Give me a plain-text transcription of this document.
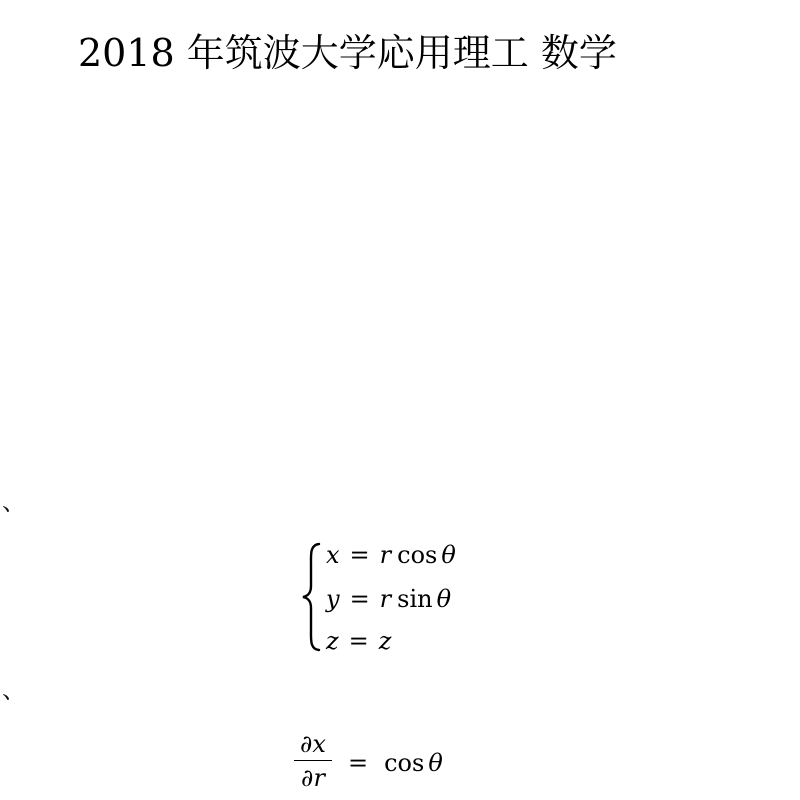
2018 年筑波大学応用理工 数学
、
x = r cos θ
y = r sin θ
z = z
、
∂x
∂r
= cos θ
